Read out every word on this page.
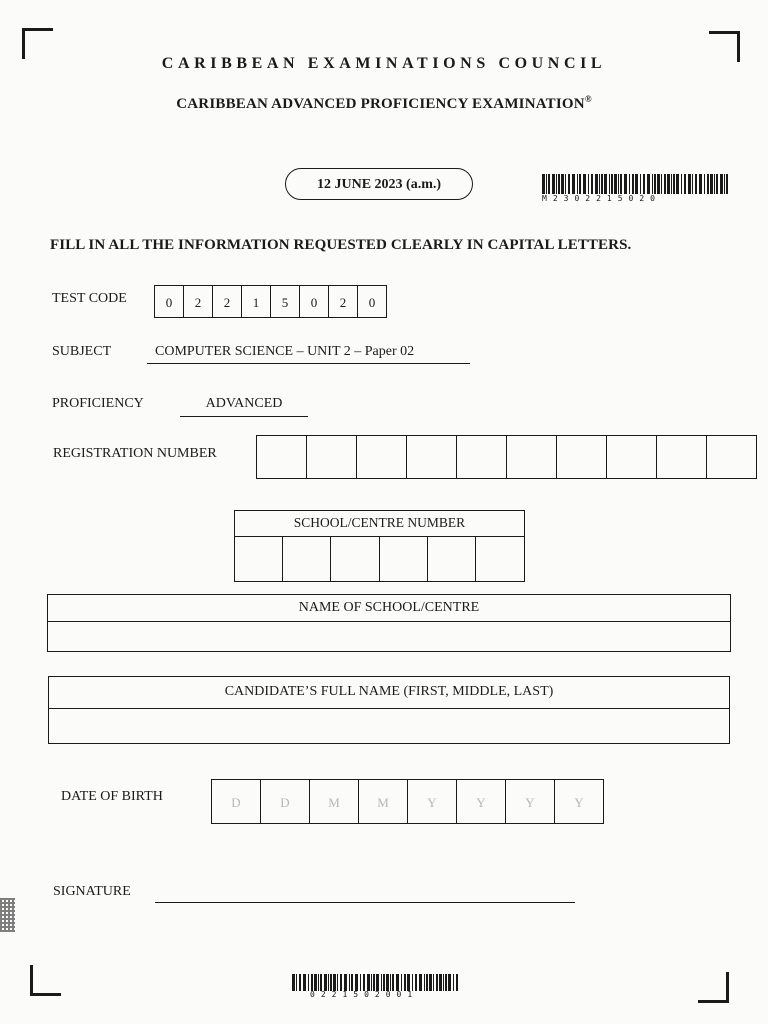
CARIBBEAN EXAMINATIONS COUNCIL
CARIBBEAN ADVANCED PROFICIENCY EXAMINATION®
12 JUNE 2023 (a.m.)
M2302215020
FILL IN ALL THE INFORMATION REQUESTED CLEARLY IN CAPITAL LETTERS.
TEST CODE	0	2	2	1	5	0	2	0
SUBJECT	COMPUTER SCIENCE – UNIT 2 – Paper 02
PROFICIENCY	ADVANCED
REGISTRATION NUMBER
SCHOOL/CENTRE NUMBER
NAME OF SCHOOL/CENTRE
CANDIDATE’S FULL NAME (FIRST, MIDDLE, LAST)
DATE OF BIRTH	D	D	M	M	Y	Y	Y	Y
SIGNATURE
0221502001
